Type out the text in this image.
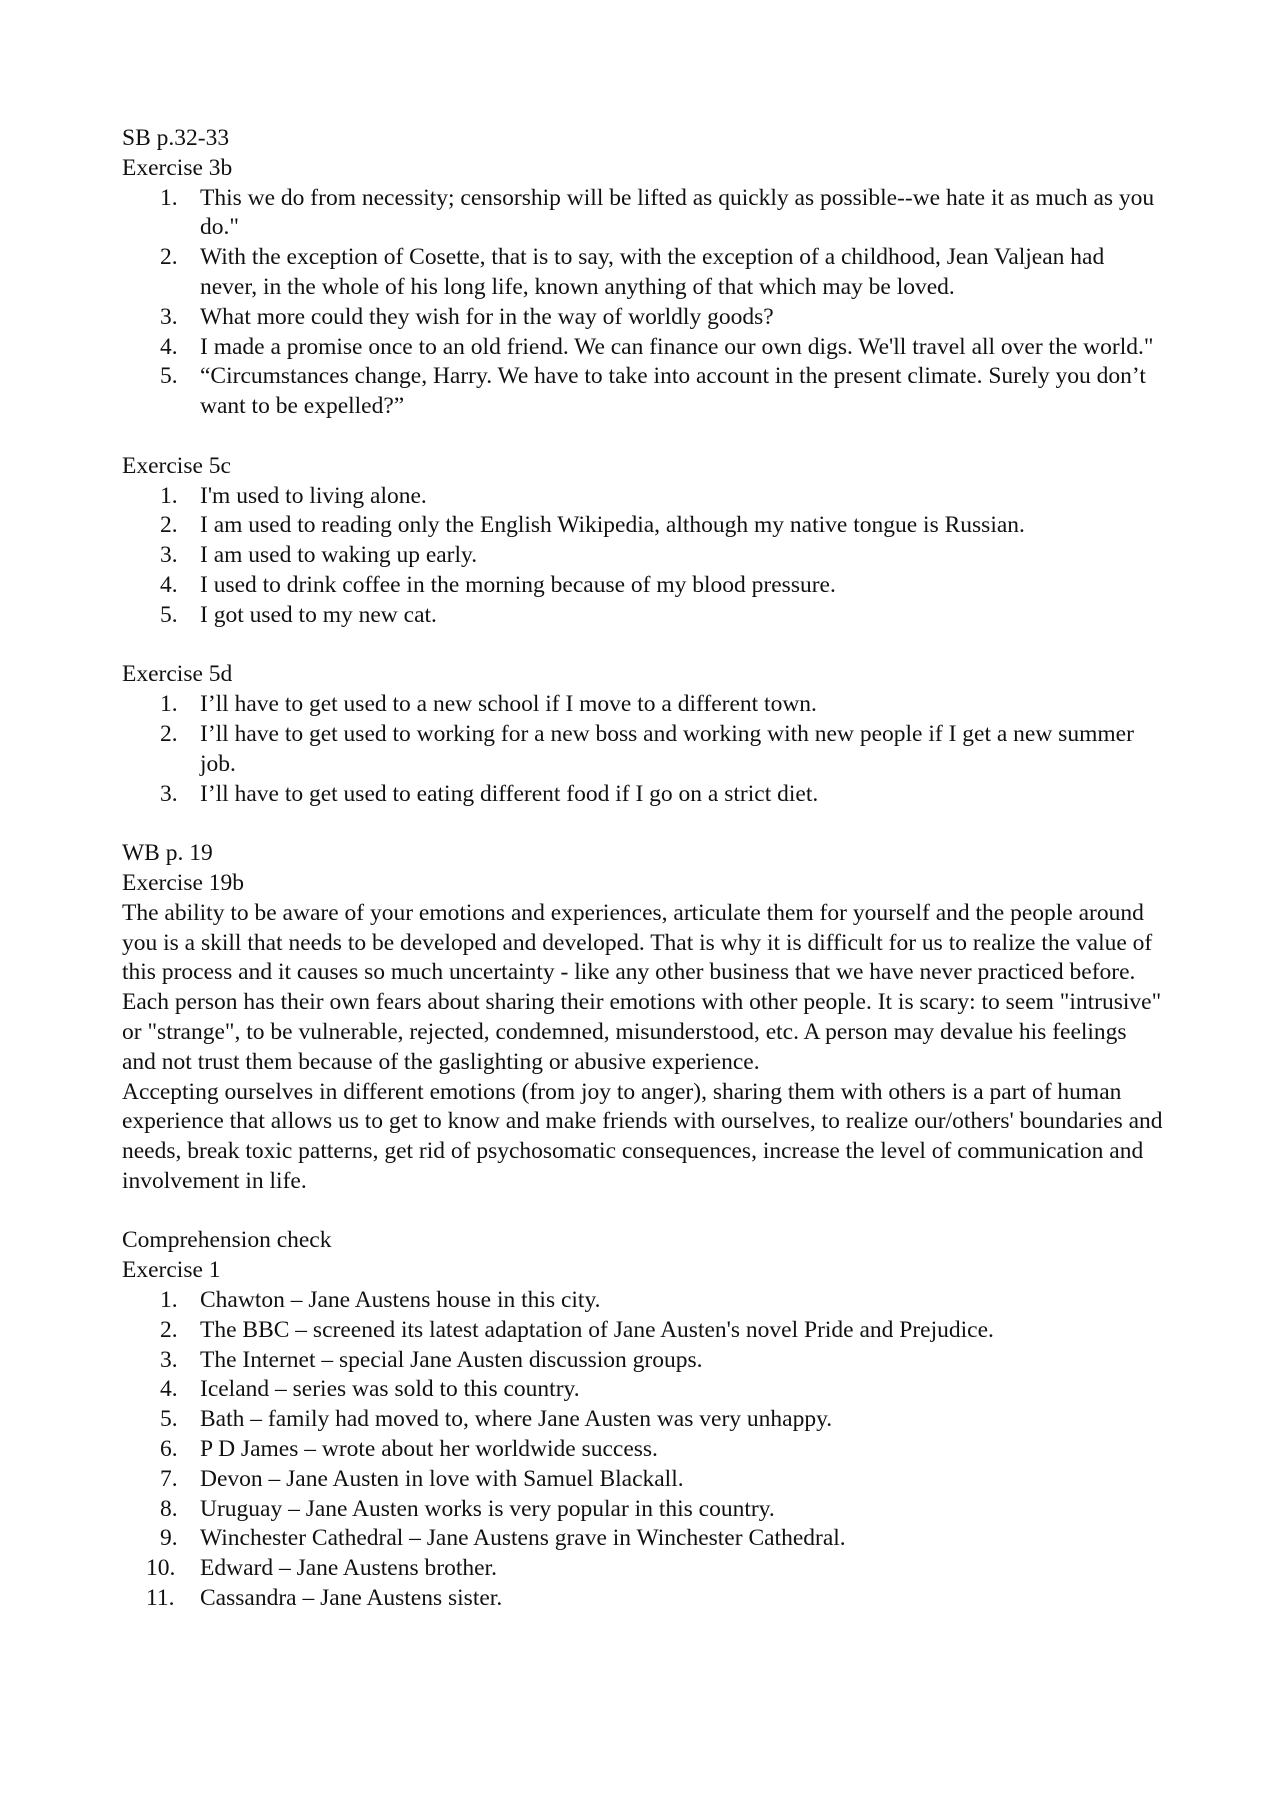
SB p.32-33

Exercise 3b

1. This we do from necessity; censorship will be lifted as quickly as possible--we hate it as much as you do."
2. With the exception of Cosette, that is to say, with the exception of a childhood, Jean Valjean had never, in the whole of his long life, known anything of that which may be loved.
3. What more could they wish for in the way of worldly goods?
4. I made a promise once to an old friend. We can finance our own digs. We'll travel all over the world."
5. “Circumstances change, Harry. We have to take into account in the present climate. Surely you don’t want to be expelled?”

Exercise 5c

1. I'm used to living alone.
2. I am used to reading only the English Wikipedia, although my native tongue is Russian.
3. I am used to waking up early.
4. I used to drink coffee in the morning because of my blood pressure.
5. I got used to my new cat.

Exercise 5d

1. I’ll have to get used to a new school if I move to a different town.
2. I’ll have to get used to working for a new boss and working with new people if I get a new summer job.
3. I’ll have to get used to eating different food if I go on a strict diet.

WB p. 19

Exercise 19b

The ability to be aware of your emotions and experiences, articulate them for yourself and the people around you is a skill that needs to be developed and developed. That is why it is difficult for us to realize the value of this process and it causes so much uncertainty - like any other business that we have never practiced before. Each person has their own fears about sharing their emotions with other people. It is scary: to seem "intrusive" or "strange", to be vulnerable, rejected, condemned, misunderstood, etc. A person may devalue his feelings and not trust them because of the gaslighting or abusive experience.

Accepting ourselves in different emotions (from joy to anger), sharing them with others is a part of human experience that allows us to get to know and make friends with ourselves, to realize our/others' boundaries and needs, break toxic patterns, get rid of psychosomatic consequences, increase the level of communication and involvement in life.

Comprehension check

Exercise 1

1. Chawton – Jane Austens house in this city.
2. The BBC – screened its latest adaptation of Jane Austen's novel Pride and Prejudice.
3. The Internet – special Jane Austen discussion groups.
4. Iceland – series was sold to this country.
5. Bath – family had moved to, where Jane Austen was very unhappy.
6. P D James – wrote about her worldwide success.
7. Devon – Jane Austen in love with Samuel Blackall.
8. Uruguay – Jane Austen works is very popular in this country.
9. Winchester Cathedral – Jane Austens grave in Winchester Cathedral.
10. Edward – Jane Austens brother.
11. Cassandra – Jane Austens sister.
